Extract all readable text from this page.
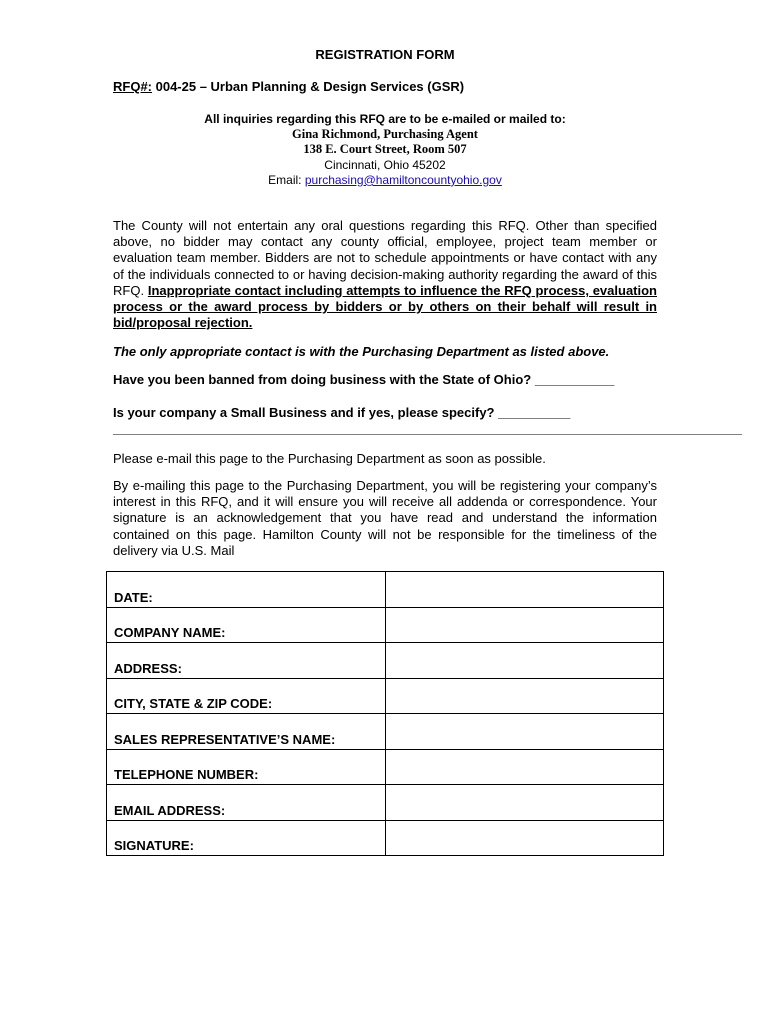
REGISTRATION FORM
RFQ#: 004-25 – Urban Planning & Design Services (GSR)
All inquiries regarding this RFQ are to be e-mailed or mailed to:
Gina Richmond, Purchasing Agent
138 E. Court Street, Room 507
Cincinnati, Ohio 45202
Email: purchasing@hamiltoncountyohio.gov
The County will not entertain any oral questions regarding this RFQ. Other than specified above, no bidder may contact any county official, employee, project team member or evaluation team member. Bidders are not to schedule appointments or have contact with any of the individuals connected to or having decision-making authority regarding the award of this RFQ. Inappropriate contact including attempts to influence the RFQ process, evaluation process or the award process by bidders or by others on their behalf will result in bid/proposal rejection.
The only appropriate contact is with the Purchasing Department as listed above.
Have you been banned from doing business with the State of Ohio? ___________
Is your company a Small Business and if yes, please specify? __________
_______________________________________________________________________________________
Please e-mail this page to the Purchasing Department as soon as possible.
By e-mailing this page to the Purchasing Department, you will be registering your company’s interest in this RFQ, and it will ensure you will receive all addenda or correspondence. Your signature is an acknowledgement that you have read and understand the information contained on this page. Hamilton County will not be responsible for the timeliness of the delivery via U.S. Mail
DATE:	
COMPANY NAME:	
ADDRESS:	
CITY, STATE & ZIP CODE:	
SALES REPRESENTATIVE’S NAME:	
TELEPHONE NUMBER:	
EMAIL ADDRESS:	
SIGNATURE:	
